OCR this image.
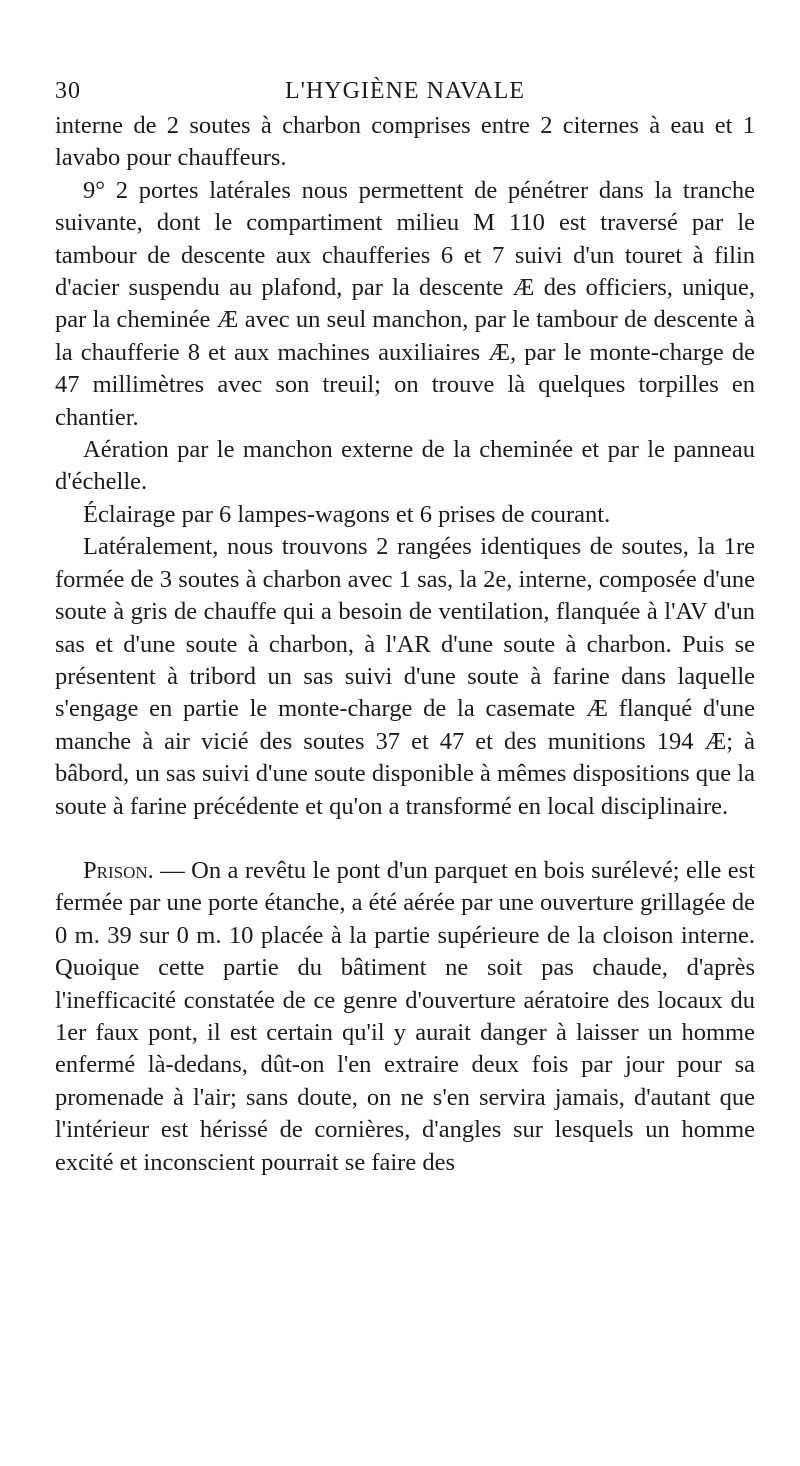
30	L'HYGIÈNE NAVALE

interne de 2 soutes à charbon comprises entre 2 citernes à eau et 1 lavabo pour chauffeurs.

9° 2 portes latérales nous permettent de pénétrer dans la tranche suivante, dont le compartiment milieu M 110 est traversé par le tambour de descente aux chaufferies 6 et 7 suivi d'un touret à filin d'acier suspendu au plafond, par la descente Æ des officiers, unique, par la cheminée Æ avec un seul manchon, par le tambour de descente à la chaufferie 8 et aux machines auxiliaires Æ, par le monte-charge de 47 millimètres avec son treuil; on trouve là quelques torpilles en chantier.

Aération par le manchon externe de la cheminée et par le panneau d'échelle.

Éclairage par 6 lampes-wagons et 6 prises de courant.

Latéralement, nous trouvons 2 rangées identiques de soutes, la 1re formée de 3 soutes à charbon avec 1 sas, la 2e, interne, composée d'une soute à gris de chauffe qui a besoin de ventilation, flanquée à l'AV d'un sas et d'une soute à charbon, à l'AR d'une soute à charbon. Puis se présentent à tribord un sas suivi d'une soute à farine dans laquelle s'engage en partie le monte-charge de la casemate Æ flanqué d'une manche à air vicié des soutes 37 et 47 et des munitions 194 Æ; à bâbord, un sas suivi d'une soute disponible à mêmes dispositions que la soute à farine précédente et qu'on a transformé en local disciplinaire.

Prison. — On a revêtu le pont d'un parquet en bois surélevé; elle est fermée par une porte étanche, a été aérée par une ouverture grillagée de 0 m. 39 sur 0 m. 10 placée à la partie supérieure de la cloison interne. Quoique cette partie du bâtiment ne soit pas chaude, d'après l'inefficacité constatée de ce genre d'ouverture aératoire des locaux du 1er faux pont, il est certain qu'il y aurait danger à laisser un homme enfermé là-dedans, dût-on l'en extraire deux fois par jour pour sa promenade à l'air; sans doute, on ne s'en servira jamais, d'autant que l'intérieur est hérissé de cornières, d'angles sur lesquels un homme excité et inconscient pourrait se faire des
